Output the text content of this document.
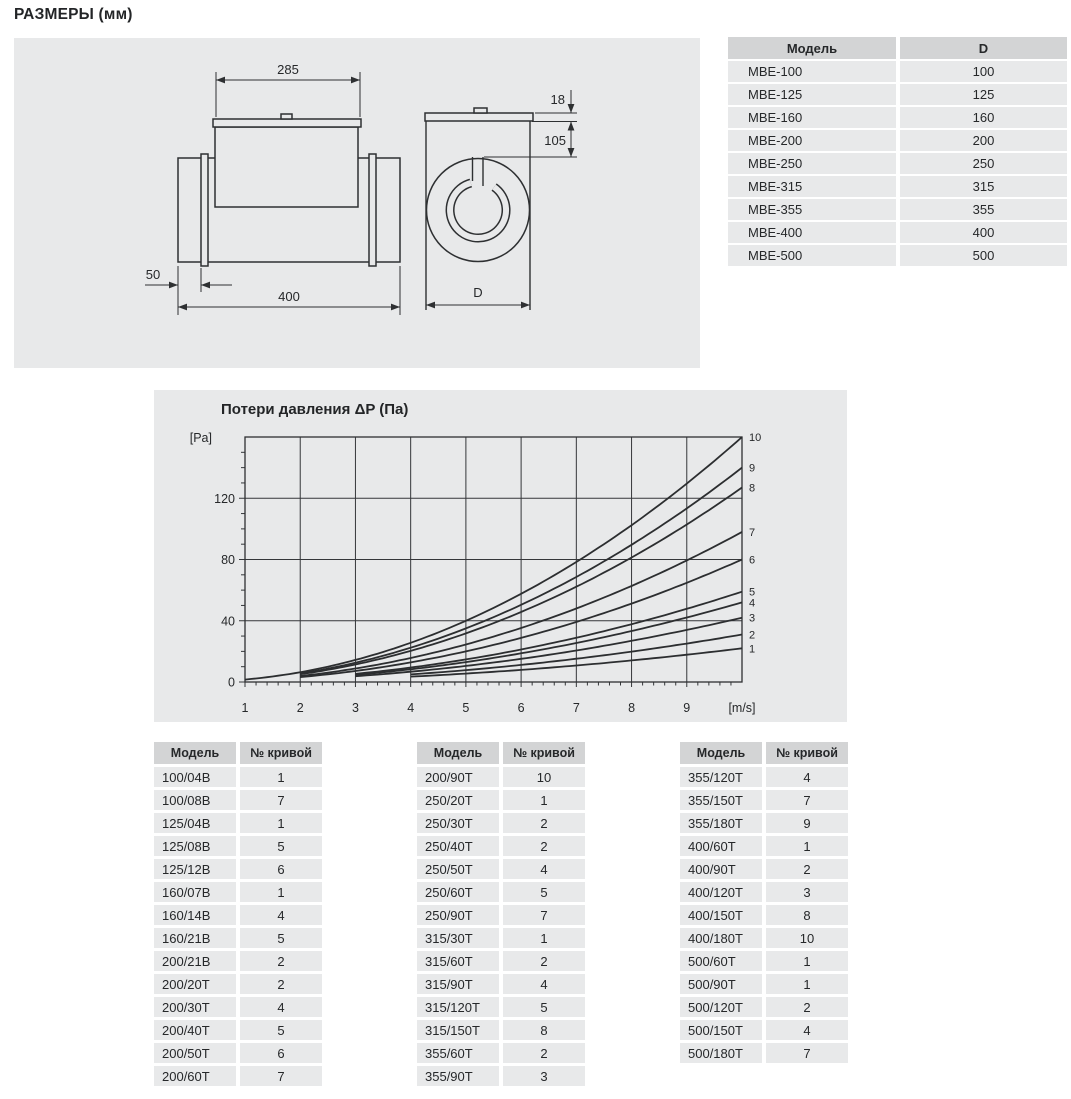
РАЗМЕРЫ (мм)
285
50
400
18
105
D
Модель	D
MBE-100	100
MBE-125	125
MBE-160	160
MBE-200	200
MBE-250	250
MBE-315	315
MBE-355	355
MBE-400	400
MBE-500	500
1	2	3	4	5	6	7	8	9
0
40
80
120
1
2
3
4
5
6
7
8
9
10
[Pa]
[m/s]
Потери давления ΔP (Па)
Модель	№ кривой
100/04B	1
100/08B	7
125/04B	1
125/08B	5
125/12B	6
160/07B	1
160/14B	4
160/21B	5
200/21B	2
200/20T	2
200/30T	4
200/40T	5
200/50T	6
200/60T	7
Модель	№ кривой
200/90T	10
250/20T	1
250/30T	2
250/40T	2
250/50T	4
250/60T	5
250/90T	7
315/30T	1
315/60T	2
315/90T	4
315/120T	5
315/150T	8
355/60T	2
355/90T	3
Модель	№ кривой
355/120T	4
355/150T	7
355/180T	9
400/60T	1
400/90T	2
400/120T	3
400/150T	8
400/180T	10
500/60T	1
500/90T	1
500/120T	2
500/150T	4
500/180T	7
